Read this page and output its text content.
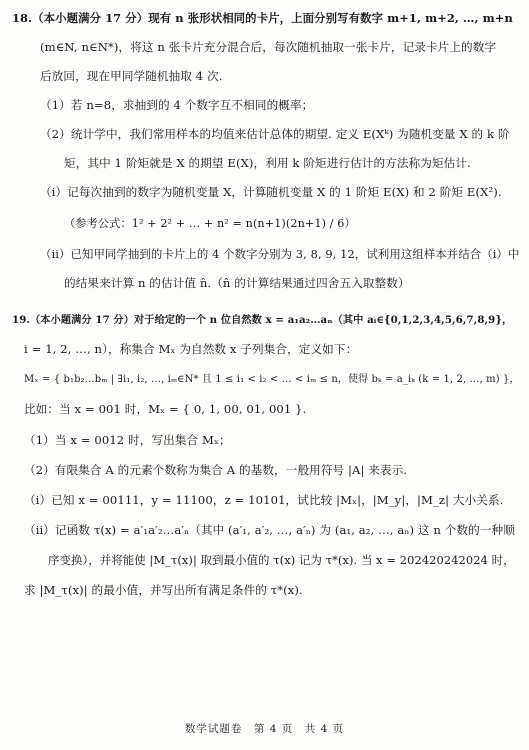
18.（本小题满分 17 分）现有 n 张形状相同的卡片，上面分别写有数字 m+1, m+2, …, m+n
(m∈N, n∈N*)，将这 n 张卡片充分混合后，每次随机抽取一张卡片，记录卡片上的数字
后放回，现在甲同学随机抽取 4 次.
（1）若 n=8，求抽到的 4 个数字互不相同的概率；
（2）统计学中，我们常用样本的均值来估计总体的期望. 定义 E(Xᵏ) 为随机变量 X 的 k 阶
矩，其中 1 阶矩就是 X 的期望 E(X)，利用 k 阶矩进行估计的方法称为矩估计.
（i）记每次抽到的数字为随机变量 X，计算随机变量 X 的 1 阶矩 E(X) 和 2 阶矩 E(X²).
（参考公式：1² + 2² + … + n² = n(n+1)(2n+1) / 6）
（ii）已知甲同学抽到的卡片上的 4 个数字分别为 3, 8, 9, 12，试利用这组样本并结合（i）中
的结果来计算 n 的估计值 n̂.（n̂ 的计算结果通过四舍五入取整数）
19.（本小题满分 17 分）对于给定的一个 n 位自然数 x = a₁a₂…aₙ（其中 aᵢ∈{0,1,2,3,4,5,6,7,8,9}，
i = 1, 2, …, n），称集合 Mₓ 为自然数 x 子列集合，定义如下：
Mₓ = { b₁b₂…bₘ | ∃i₁, i₂, …, iₘ∈N* 且 1 ≤ i₁ < i₂ < … < iₘ ≤ n，使得 bₖ = a_iₖ (k = 1, 2, …, m) }，
比如：当 x = 001 时，Mₓ = { 0, 1, 00, 01, 001 }.
（1）当 x = 0012 时，写出集合 Mₓ；
（2）有限集合 A 的元素个数称为集合 A 的基数，一般用符号 |A| 来表示.
（i）已知 x = 00111，y = 11100，z = 10101，试比较 |Mₓ|，|M_y|，|M_z| 大小关系.
（ii）记函数 τ(x) = a′₁a′₂…a′ₙ（其中 (a′₁, a′₂, …, a′ₙ) 为 (a₁, a₂, …, aₙ) 这 n 个数的一种顺
序变换），并将能使 |M_τ(x)| 取到最小值的 τ(x) 记为 τ*(x). 当 x = 202420242024 时，
求 |M_τ(x)| 的最小值，并写出所有满足条件的 τ*(x).
数学试题卷　第 4 页　共 4 页
